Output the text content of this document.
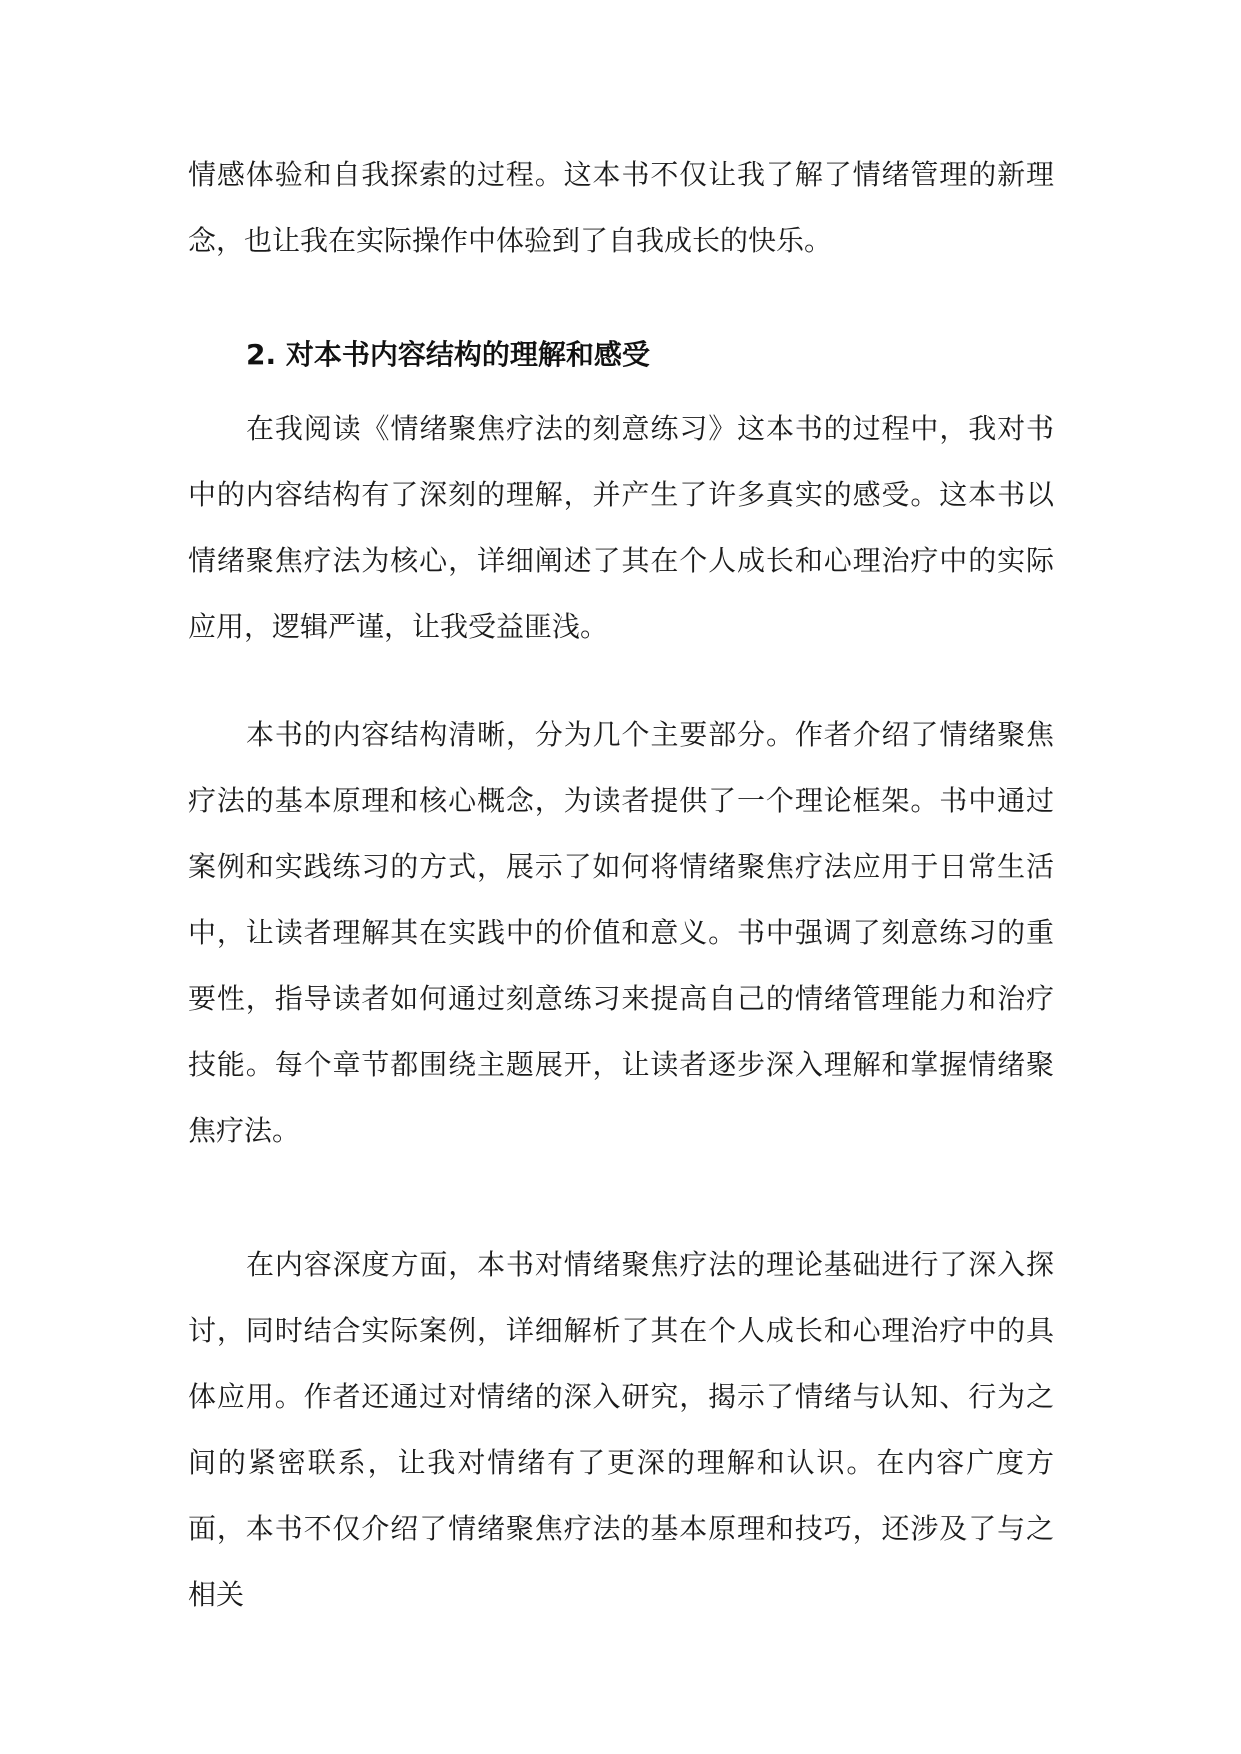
情感体验和自我探索的过程。这本书不仅让我了解了情绪管理的新理念，也让我在实际操作中体验到了自我成长的快乐。

2. 对本书内容结构的理解和感受

在我阅读《情绪聚焦疗法的刻意练习》这本书的过程中，我对书中的内容结构有了深刻的理解，并产生了许多真实的感受。这本书以情绪聚焦疗法为核心，详细阐述了其在个人成长和心理治疗中的实际应用，逻辑严谨，让我受益匪浅。

本书的内容结构清晰，分为几个主要部分。作者介绍了情绪聚焦疗法的基本原理和核心概念，为读者提供了一个理论框架。书中通过案例和实践练习的方式，展示了如何将情绪聚焦疗法应用于日常生活中，让读者理解其在实践中的价值和意义。书中强调了刻意练习的重要性，指导读者如何通过刻意练习来提高自己的情绪管理能力和治疗技能。每个章节都围绕主题展开，让读者逐步深入理解和掌握情绪聚焦疗法。

在内容深度方面，本书对情绪聚焦疗法的理论基础进行了深入探讨，同时结合实际案例，详细解析了其在个人成长和心理治疗中的具体应用。作者还通过对情绪的深入研究，揭示了情绪与认知、行为之间的紧密联系，让我对情绪有了更深的理解和认识。在内容广度方面，本书不仅介绍了情绪聚焦疗法的基本原理和技巧，还涉及了与之相关
